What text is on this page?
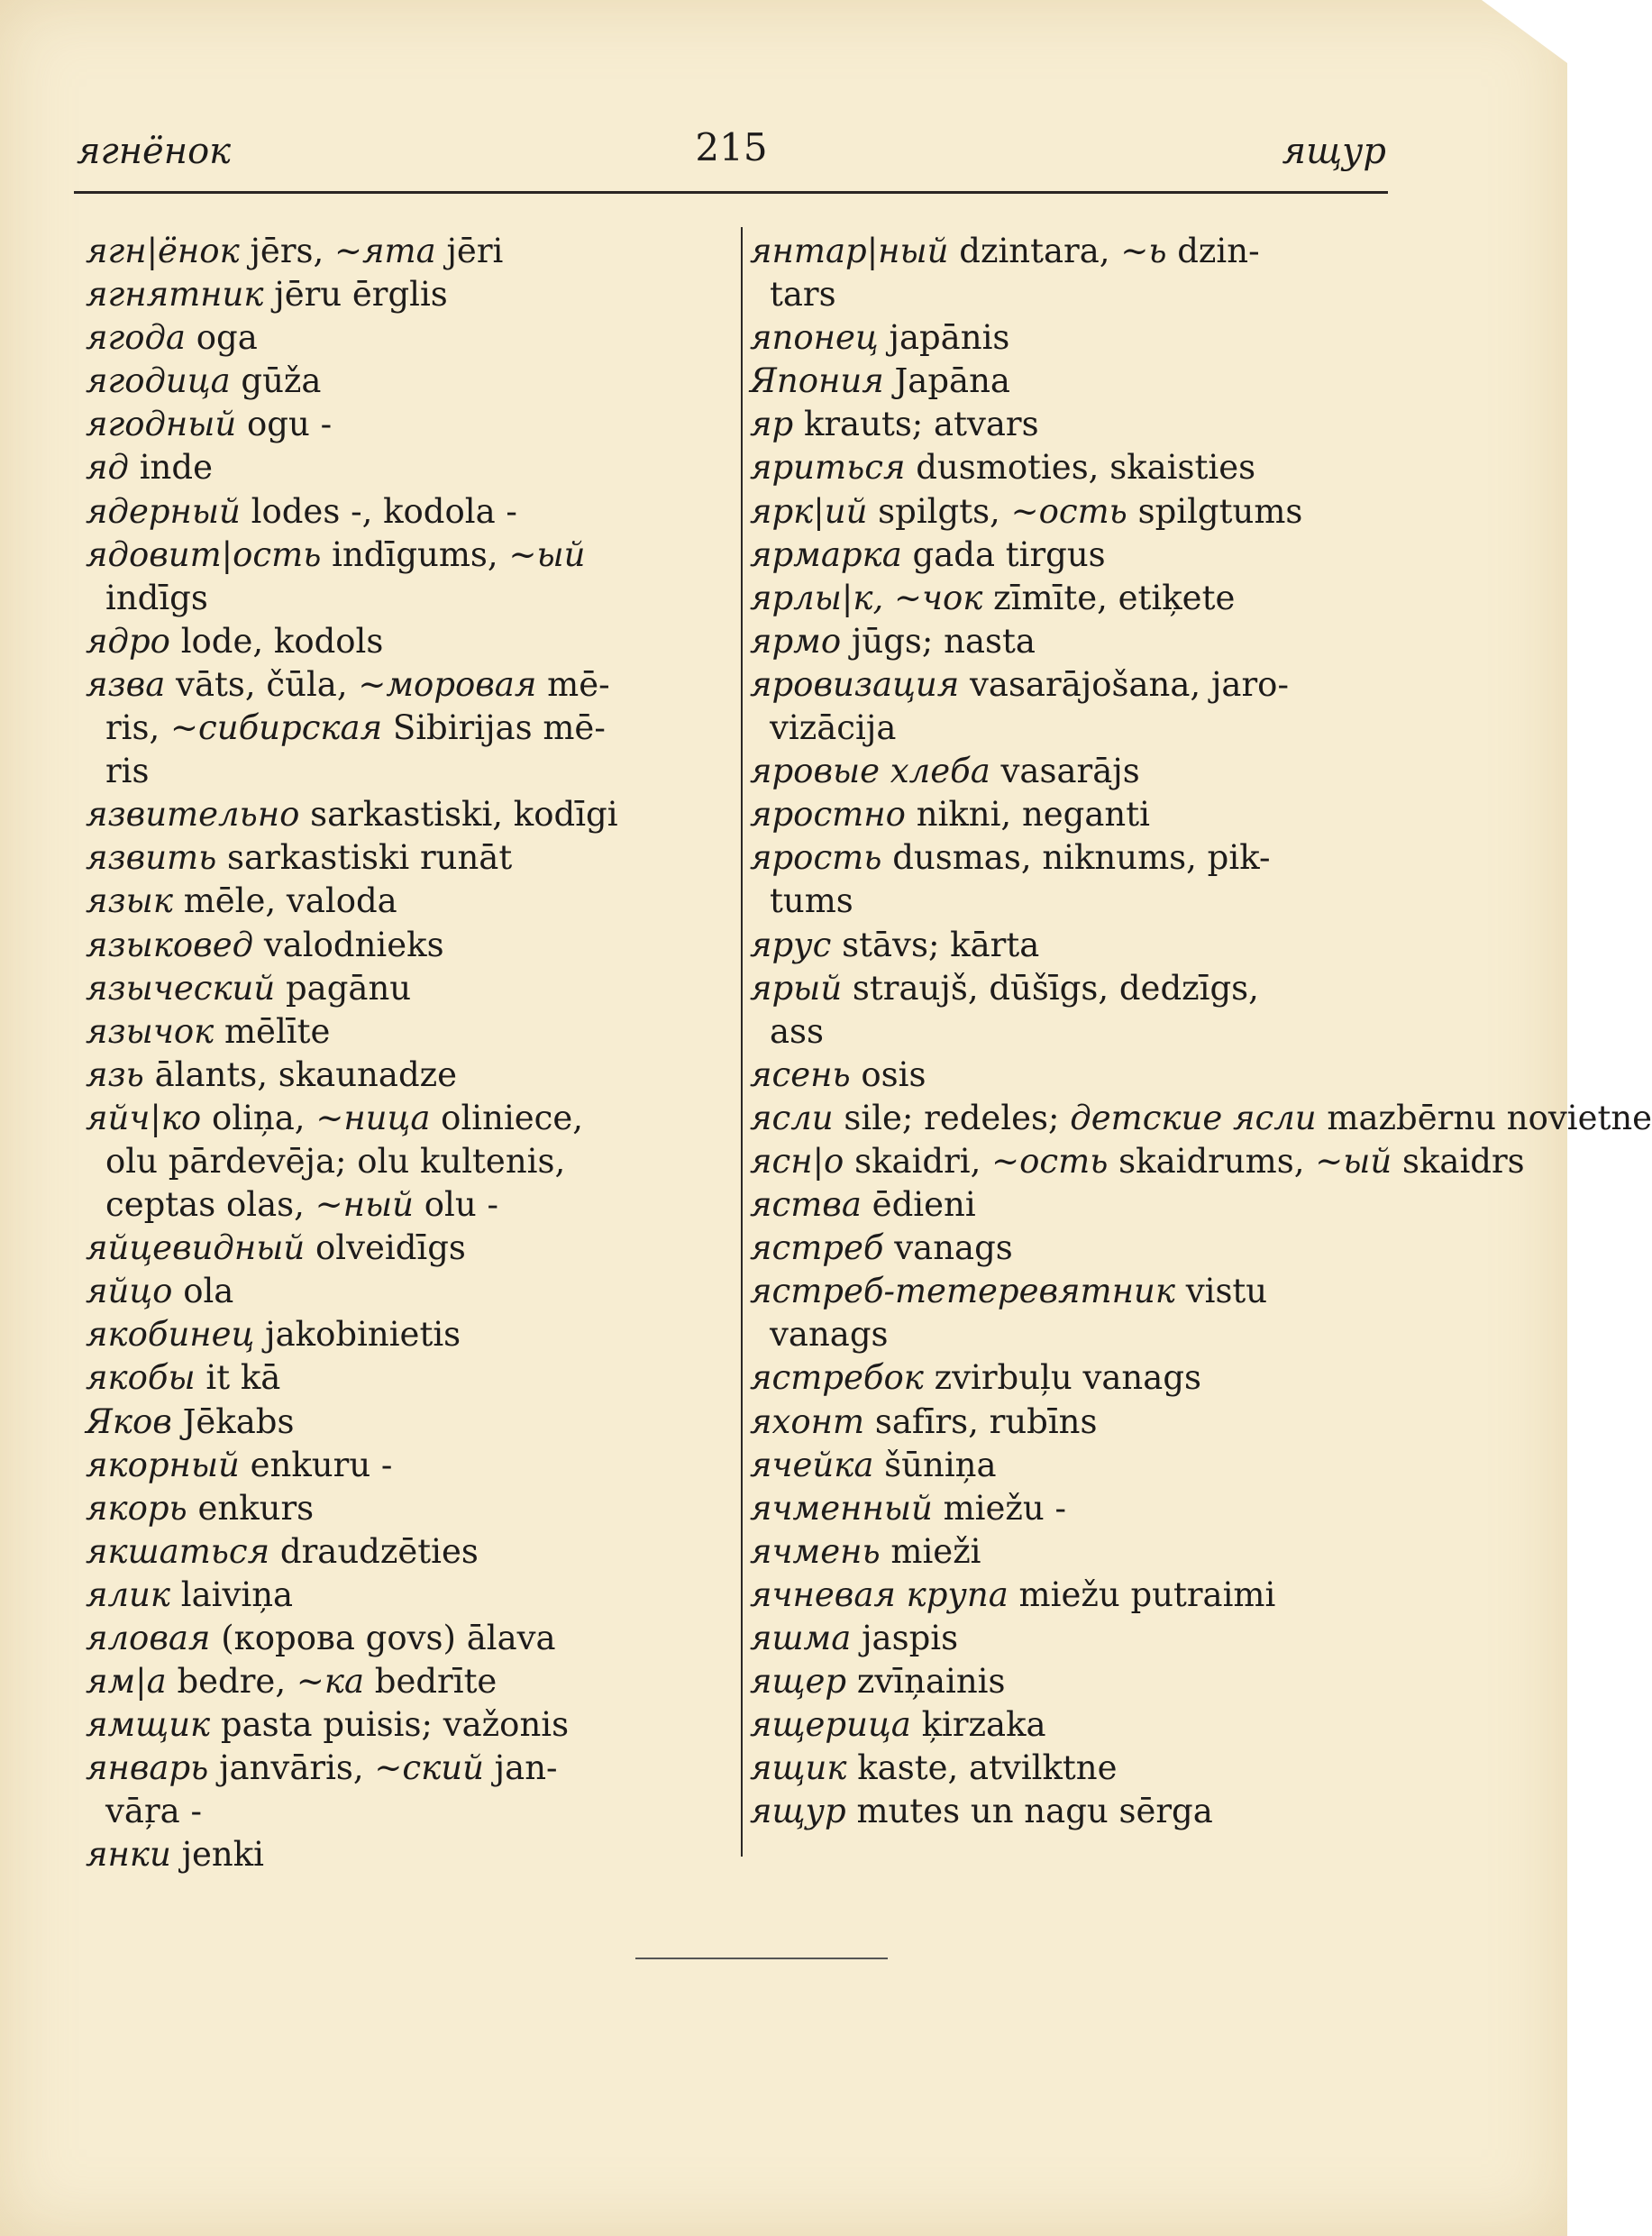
ягнёнок	215	ящур
ягн|ёнок jērs, ~ята jēri
ягнятник jēru ērglis
ягода oga
ягодица gūža
ягодный ogu -
яд inde
ядерный lodes -, kodola -
ядовит|ость indīgums, ~ый
indīgs
ядро lode, kodols
язва vāts, čūla, ~моровая mē-
ris, ~сибирская Sibirijas mē-
ris
язвительно sarkastiski, kodīgi
язвить sarkastiski runāt
язык mēle, valoda
языковед valodnieks
языческий pagānu
язычок mēlīte
язь ālants, skaunadze
яйч|ко oliņa, ~ница oliniece,
olu pārdevēja; olu kultenis,
ceptas olas, ~ный olu -
яйцевидный olveidīgs
яйцо ola
якобинец jakobinietis
якобы it kā
Яков Jēkabs
якорный enkuru -
якорь enkurs
якшаться draudzēties
ялик laiviņa
яловая (корова govs) ālava
ям|а bedre, ~ка bedrīte
ямщик pasta puisis; važonis
январь janvāris, ~ский jan-
vāŗa -
янки jenki
янтар|ный dzintara, ~ь dzin-
tars
японец japānis
Япония Japāna
яр krauts; atvars
яриться dusmoties, skaisties
ярк|ий spilgts, ~ость spilgtums
ярмарка gada tirgus
ярлы|к, ~чок zīmīte, etiķete
ярмо jūgs; nasta
яровизация vasarājošana, jaro-
vizācija
яровые хлеба vasarājs
яростно nikni, neganti
ярость dusmas, niknums, pik-
tums
ярус stāvs; kārta
ярый straujš, dūšīgs, dedzīgs,
ass
ясень osis
ясли sile; redeles; детские ясли mazbērnu novietne
ясн|о skaidri, ~ость skaidrums, ~ый skaidrs
яства ēdieni
ястреб vanags
ястреб-тетеревятник vistu
vanags
ястребок zvirbuļu vanags
яхонт safīrs, rubīns
ячейка šūniņa
ячменный miežu -
ячмень mieži
ячневая крупа miežu putraimi
яшма jaspis
ящер zvīņainis
ящерица ķirzaka
ящик kaste, atvilktne
ящур mutes un nagu sērga
